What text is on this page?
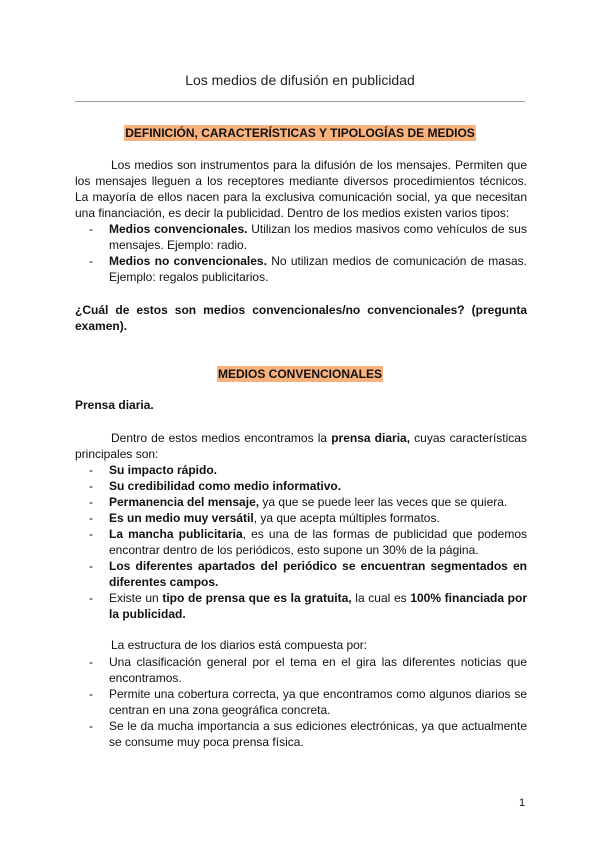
Los medios de difusión en publicidad
DEFINICIÓN, CARACTERÍSTICAS Y TIPOLOGÍAS DE MEDIOS

Los medios son instrumentos para la difusión de los mensajes. Permiten que los mensajes lleguen a los receptores mediante diversos procedimientos técnicos. La mayoría de ellos nacen para la exclusiva comunicación social, ya que necesitan una financiación, es decir la publicidad. Dentro de los medios existen varios tipos:

- Medios convencionales. Utilizan los medios masivos como vehículos de sus mensajes. Ejemplo: radio.
- Medios no convencionales. No utilizan medios de comunicación de masas. Ejemplo: regalos publicitarios.

¿Cuál de estos son medios convencionales/no convencionales? (pregunta examen).

MEDIOS CONVENCIONALES
Prensa diaria.

Dentro de estos medios encontramos la prensa diaria, cuyas características principales son:

- Su impacto rápido.
- Su credibilidad como medio informativo.
- Permanencia del mensaje, ya que se puede leer las veces que se quiera.
- Es un medio muy versátil, ya que acepta múltiples formatos.
- La mancha publicitaria, es una de las formas de publicidad que podemos encontrar dentro de los periódicos, esto supone un 30% de la página.
- Los diferentes apartados del periódico se encuentran segmentados en diferentes campos.
- Existe un tipo de prensa que es la gratuita, la cual es 100% financiada por la publicidad.

La estructura de los diarios está compuesta por:

- Una clasificación general por el tema en el gira las diferentes noticias que encontramos.
- Permite una cobertura correcta, ya que encontramos como algunos diarios se centran en una zona geográfica concreta.
- Se le da mucha importancia a sus ediciones electrónicas, ya que actualmente se consume muy poca prensa física.
1
